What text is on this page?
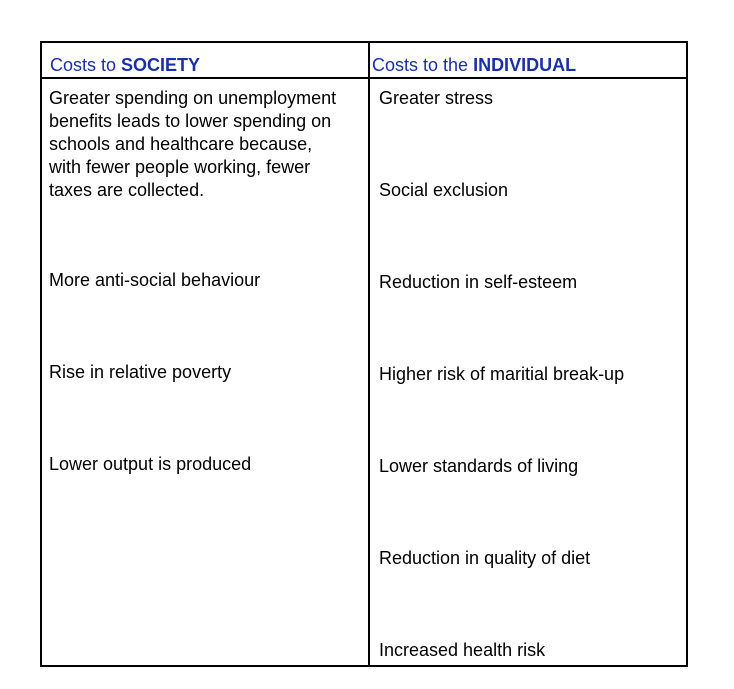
Costs to SOCIETY	Costs to the INDIVIDUAL
Greater spending on unemployment
benefits leads to lower spending on
schools and healthcare because,
with fewer people working, fewer
taxes are collected.
More anti-social behaviour
Rise in relative poverty
Lower output is produced
Greater stress
Social exclusion
Reduction in self-esteem
Higher risk of maritial break-up
Lower standards of living
Reduction in quality of diet
Increased health risk
